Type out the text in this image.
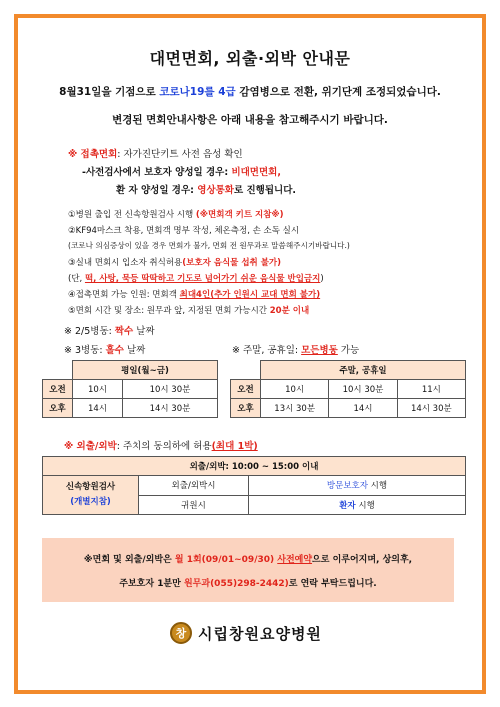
대면면회, 외출·외박 안내문
8월31일을 기점으로 코로나19를 4급 감염병으로 전환, 위기단계 조정되었습니다.
변경된 면회안내사항은 아래 내용을 참고해주시기 바랍니다.
※ 접촉면회: 자가진단키트 사전 음성 확인
-사전검사에서 보호자 양성일 경우: 비대면면회,
환 자 양성일 경우: 영상통화로 진행됩니다.
①병원 출입 전 신속항원검사 시행 (※면회객 키트 지참※)
②KF94마스크 착용, 면회객 명부 작성, 체온측정, 손 소독 실시
(코로나 의심증상이 있을 경우 면회가 불가, 면회 전 원무과로 말씀해주시기바랍니다.)
③실내 면회시 입소자 취식허용(보호자 음식물 섭취 불가)
(단, 떡, 사탕, 묵등 딱딱하고 기도로 넘어가기 쉬운 음식물 반입금지)
④접촉면회 가능 인원: 면회객 최대4인(추가 인원시 교대 면회 불가)
⑤면회 시간 및 장소: 원무과 앞, 지정된 면회 가능시간 20분 이내
※ 2/5병동: 짝수 날짜
※ 3병동: 홀수 날짜	※ 주말, 공휴일: 모든병동 가능
	평일(월~금)	
오전	10시	10시 30분
오후	14시	14시 30분
	주말, 공휴일		
오전	10시	10시 30분	11시
오후	13시 30분	14시	14시 30분
※ 외출/외박: 주치의 동의하에 허용(최대 1박)
외출/외박: 10:00 ~ 15:00 이내		

신속항원검사
(개별지참)	외출/외박시	방문보호자 시행
	귀원시	환자 시행
※면회 및 외출/외박은 월 1회(09/01~09/30) 사전예약으로 이루어지며, 상의후,
주보호자 1분만 원무과(055)298-2442)로 연락 부탁드립니다.
창 시립창원요양병원
